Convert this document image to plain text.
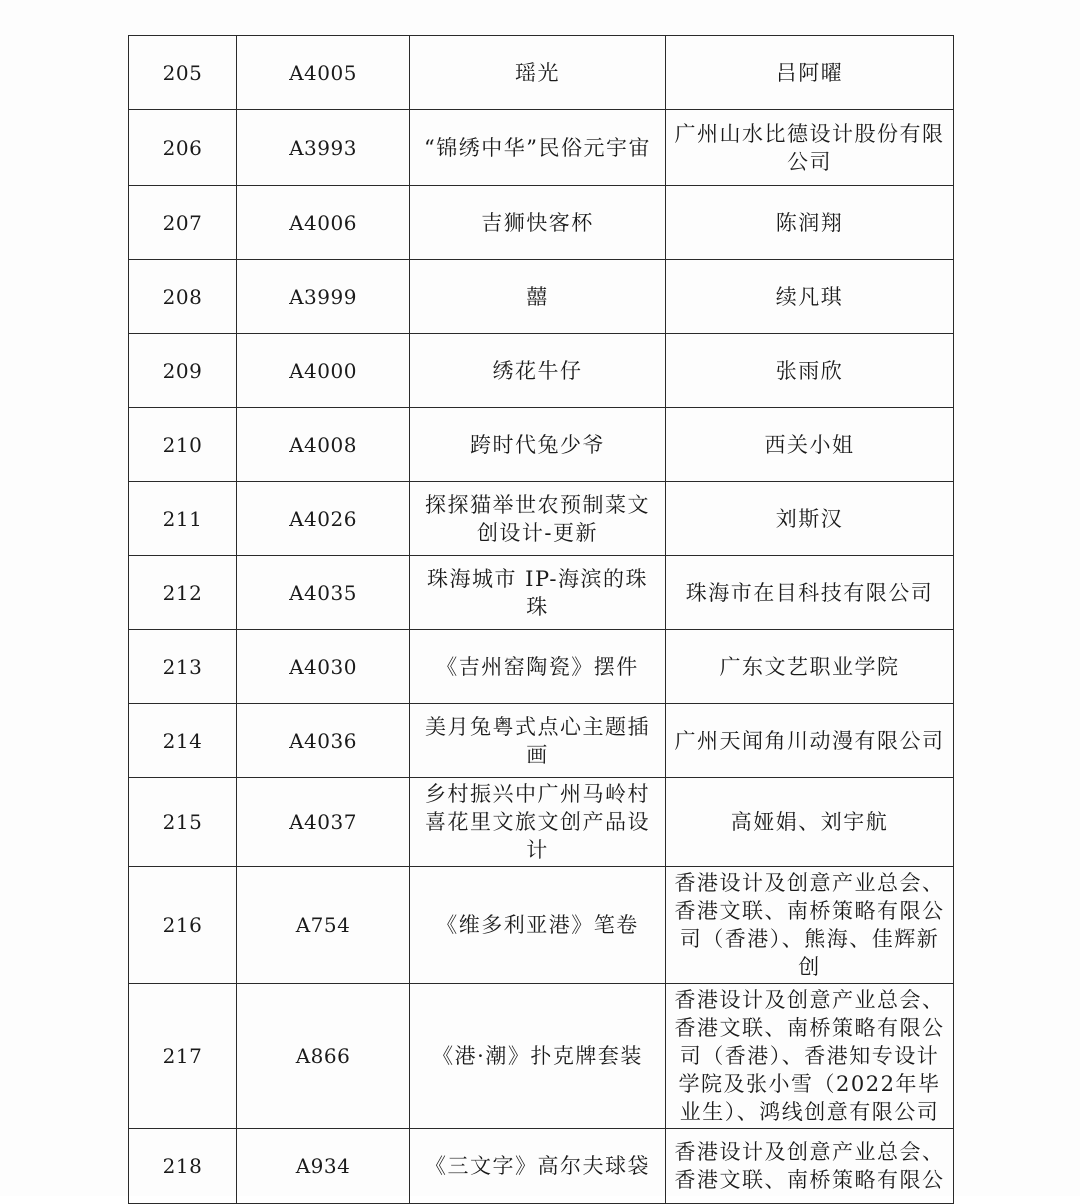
205	A4005	瑶光	吕阿曜
206	A3993	“锦绣中华”民俗元宇宙	广州山水比德设计股份有限公司
207	A4006	吉狮快客杯	陈润翔
208	A3999	囍	续凡琪
209	A4000	绣花牛仔	张雨欣
210	A4008	跨时代兔少爷	西关小姐
211	A4026	探探猫举世农预制菜文创设计-更新	刘斯汉
212	A4035	珠海城市 IP-海滨的珠珠	珠海市在目科技有限公司
213	A4030	《吉州窑陶瓷》摆件	广东文艺职业学院
214	A4036	美月兔粤式点心主题插画	广州天闻角川动漫有限公司
215	A4037	乡村振兴中广州马岭村喜花里文旅文创产品设计	高娅娟、刘宇航
216	A754	《维多利亚港》笔卷	香港设计及创意产业总会、香港文联、南桥策略有限公司（香港）、熊海、佳辉新创
217	A866	《港·潮》扑克牌套装	香港设计及创意产业总会、香港文联、南桥策略有限公司（香港）、香港知专设计学院及张小雪（2022年毕业生）、鸿线创意有限公司
218	A934	《三文字》高尔夫球袋	香港设计及创意产业总会、香港文联、南桥策略有限公
